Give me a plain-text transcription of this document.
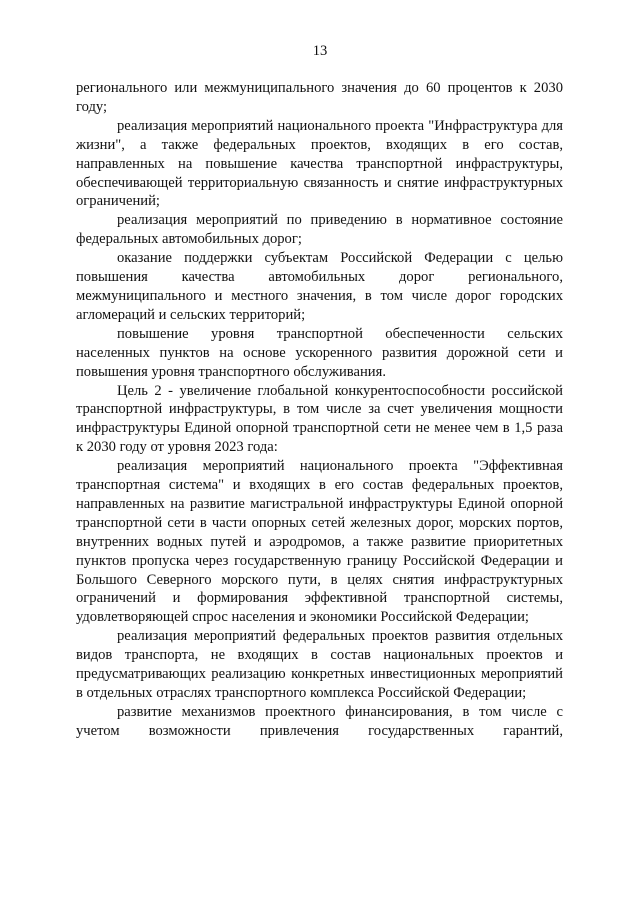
13

регионального или межмуниципального значения до 60 процентов к 2030 году;

реализация мероприятий национального проекта "Инфраструктура для жизни", а также федеральных проектов, входящих в его состав, направленных на повышение качества транспортной инфраструктуры, обеспечивающей территориальную связанность и снятие инфраструктурных ограничений;

реализация мероприятий по приведению в нормативное состояние федеральных автомобильных дорог;

оказание поддержки субъектам Российской Федерации с целью повышения качества автомобильных дорог регионального, межмуниципального и местного значения, в том числе дорог городских агломераций и сельских территорий;

повышение уровня транспортной обеспеченности сельских населенных пунктов на основе ускоренного развития дорожной сети и повышения уровня транспортного обслуживания.

Цель 2 - увеличение глобальной конкурентоспособности российской транспортной инфраструктуры, в том числе за счет увеличения мощности инфраструктуры Единой опорной транспортной сети не менее чем в 1,5 раза к 2030 году от уровня 2023 года:

реализация мероприятий национального проекта "Эффективная транспортная система" и входящих в его состав федеральных проектов, направленных на развитие магистральной инфраструктуры Единой опорной транспортной сети в части опорных сетей железных дорог, морских портов, внутренних водных путей и аэродромов, а также развитие приоритетных пунктов пропуска через государственную границу Российской Федерации и Большого Северного морского пути, в целях снятия инфраструктурных ограничений и формирования эффективной транспортной системы, удовлетворяющей спрос населения и экономики Российской Федерации;

реализация мероприятий федеральных проектов развития отдельных видов транспорта, не входящих в состав национальных проектов и предусматривающих реализацию конкретных инвестиционных мероприятий в отдельных отраслях транспортного комплекса Российской Федерации;

развитие механизмов проектного финансирования, в том числе с учетом возможности привлечения государственных гарантий,
